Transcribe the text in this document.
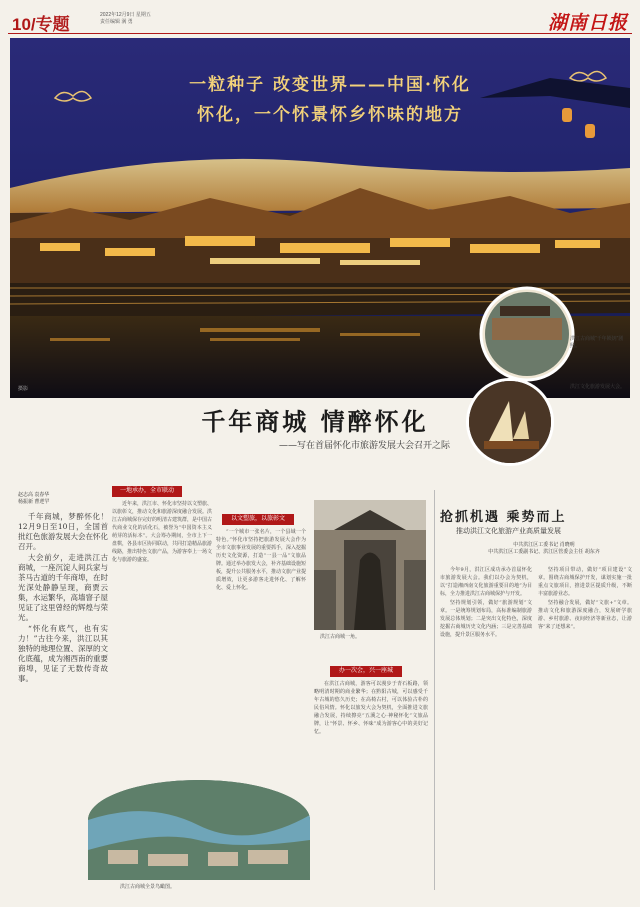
10/专题	2022年12月9日 星期五
责任编辑 满 勇	湖南日报
一粒种子 改变世界——中国·怀化
怀化，一个怀景怀乡怀味的地方
洪江古商城“千年锁钥”剧照。
洪江文化旅游发展大会。
摄影
千年商城 情醉怀化
——写在首届怀化市旅游发展大会召开之际
赵志高 袁春华
杨振新 曹逻罕

千年商城，梦醉怀化！12月9日至10日，全国首批红色旅游发展大会在怀化召开。

大会前夕，走进洪江古商城，一座沉淀人间兵家与茶马古道的千年商埠，在时光深处静静呈现，商贾云集，水运繁华，高墙窨子屋见证了这里曾经的辉煌与荣光。

“怀化有底气，也有实力！”古往今来，洪江以其独特的地理位置、深厚的文化底蕴，成为湘西南的重要商埠，见证了无数传奇故事。

一地承办，全市联动
近年来，洪江市、怀化市坚持以文塑旅、以旅彰文，推动文化和旅游深度融合发展。洪江古商城保存完好的明清古建筑群，是中国古代商业文化的活化石，被誉为“中国资本主义萌芽的活标本”。大会筹办期间，全市上下一盘棋，各县市区协同联动，共同打造精品旅游线路，推出特色文旅产品，为游客奉上一场文化与旅游的盛宴。
以文塑旅，以旅彰文
“一个城市一张名片，一个县域一个特色。”怀化市坚持把旅游发展大会作为全市文旅事业发展的重要抓手，深入挖掘历史文化资源，打造“一县一品”文旅品牌。通过举办旅发大会，补齐基础设施短板，提升公共服务水平，推动文旅产业提质增效，让更多游客走进怀化、了解怀化、爱上怀化。
洪江古商城一角。
办一次会，兴一座城
在洪江古商城，游客可以漫步于青石板路，领略明清时期的商业繁华；在黔阳古城，可以感受千年古城的悠久历史；在高椅古村，可以体验古朴的民俗风情。怀化以旅发大会为契机，全面推进文旅融合发展，持续擦亮“五溪之心·神秘怀化”文旅品牌，让“怀景、怀乡、怀味”成为游客心中的美好记忆。
洪江古商城全景鸟瞰图。
抢抓机遇 乘势而上
推动洪江文化旅游产业高质量发展
中共洪江区工委书记 肖晓明
中共洪江区工委副书记、洪江区管委会主任 胡东齐

今年9月，洪江区成功承办首届怀化市旅游发展大会。我们以办会为契机，以“打造湘西南文化旅游重要目的地”为目标，全力推进洪江古商城保护与开发。

坚持规划引领，做好“旅游规划”文章。一是统筹规划布局，高标准编制旅游发展总体规划；二是突出文化特色，深度挖掘古商城历史文化内涵；三是完善基础设施，提升景区服务水平。

坚持项目带动，做好“项目建设”文章。围绕古商城保护开发，谋划实施一批重点文旅项目，推进景区提质升级，不断丰富旅游业态。

坚持融合发展，做好“文旅+”文章。推动文化和旅游深度融合，发展研学旅游、乡村旅游、夜间经济等新业态，让游客“来了还想来”。
